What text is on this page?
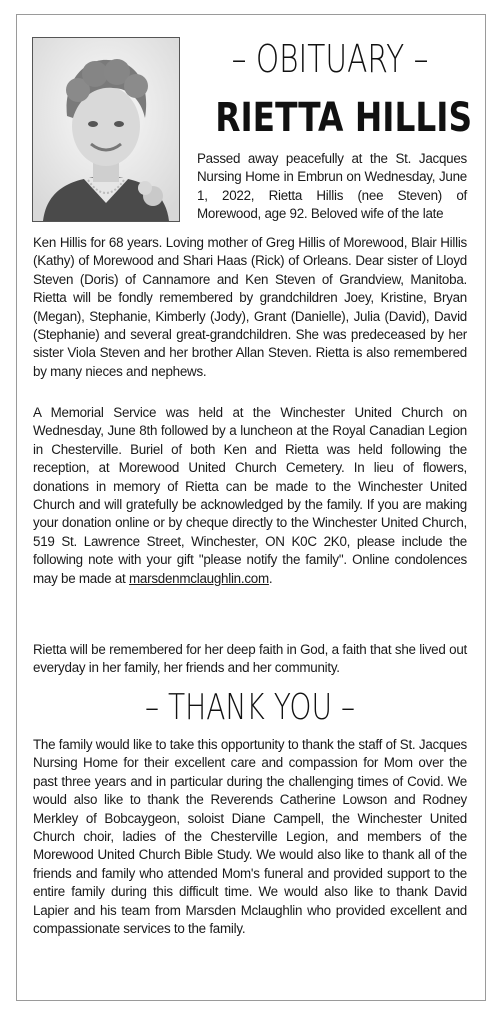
– OBITUARY –
RIETTA HILLIS
Passed away peacefully at the St. Jacques Nursing Home in Embrun on Wednesday, June 1, 2022, Rietta Hillis (nee Steven) of Morewood, age 92. Beloved wife of the late
Ken Hillis for 68 years. Loving mother of Greg Hillis of Morewood, Blair Hillis (Kathy) of Morewood and Shari Haas (Rick) of Orleans. Dear sister of Lloyd Steven (Doris) of Cannamore and Ken Steven of Grandview, Manitoba. Rietta will be fondly remembered by grandchildren Joey, Kristine, Bryan (Megan), Stephanie, Kimberly (Jody), Grant (Danielle), Julia (David), David (Stephanie) and several great-grandchildren. She was predeceased by her sister Viola Steven and her brother Allan Steven. Rietta is also remembered by many nieces and nephews.
A Memorial Service was held at the Winchester United Church on Wednesday, June 8th followed by a luncheon at the Royal Canadian Legion in Chesterville. Buriel of both Ken and Rietta was held following the reception, at Morewood United Church Cemetery. In lieu of flowers, donations in memory of Rietta can be made to the Winchester United Church and will gratefully be acknowledged by the family. If you are making your donation online or by cheque directly to the Winchester United Church, 519 St. Lawrence Street, Winchester, ON K0C 2K0, please include the following note with your gift "please notify the family". Online condolences may be made at marsdenmclaughlin.com.
Rietta will be remembered for her deep faith in God, a faith that she lived out everyday in her family, her friends and her community.
– THANK YOU –
The family would like to take this opportunity to thank the staff of St. Jacques Nursing Home for their excellent care and compassion for Mom over the past three years and in particular during the challenging times of Covid. We would also like to thank the Reverends Catherine Lowson and Rodney Merkley of Bobcaygeon, soloist Diane Campell, the Winchester United Church choir, ladies of the Chesterville Legion, and members of the Morewood United Church Bible Study. We would also like to thank all of the friends and family who attended Mom's funeral and provided support to the entire family during this difficult time. We would also like to thank David Lapier and his team from Marsden Mclaughlin who provided excellent and compassionate services to the family.
